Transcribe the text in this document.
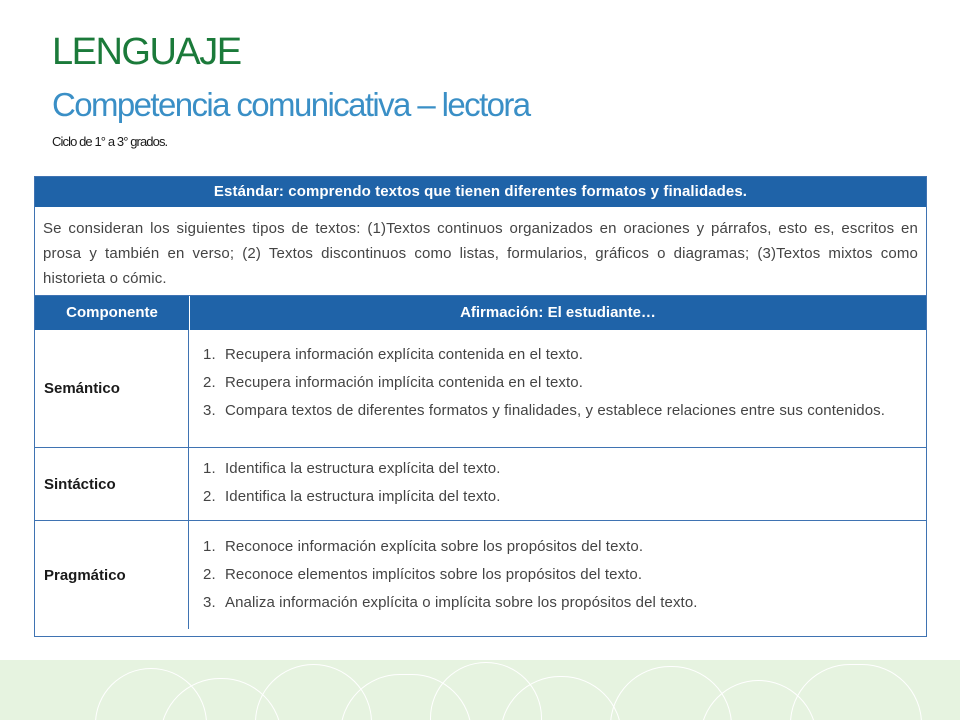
LENGUAJE
Competencia comunicativa – lectora

Ciclo de 1° a 3° grados.

Estándar: comprendo textos que tienen diferentes formatos y finalidades.
Se consideran los siguientes tipos de textos: (1)Textos continuos organizados en oraciones y párrafos, esto es, escritos en prosa y también en verso; (2) Textos discontinuos como listas, formularios, gráficos o diagramas; (3)Textos mixtos como historieta o cómic.
Componente	Afirmación: El estudiante…
Semántico
1. Recupera información explícita contenida en el texto.
2. Recupera información implícita contenida en el texto.
3. Compara textos de diferentes formatos y finalidades, y establece relaciones entre sus contenidos.
Sintáctico
1. Identifica la estructura explícita del texto.
2. Identifica la estructura implícita del texto.
Pragmático
1. Reconoce información explícita sobre los propósitos del texto.
2. Reconoce elementos implícitos sobre los propósitos del texto.
3. Analiza información explícita o implícita sobre los propósitos del texto.
